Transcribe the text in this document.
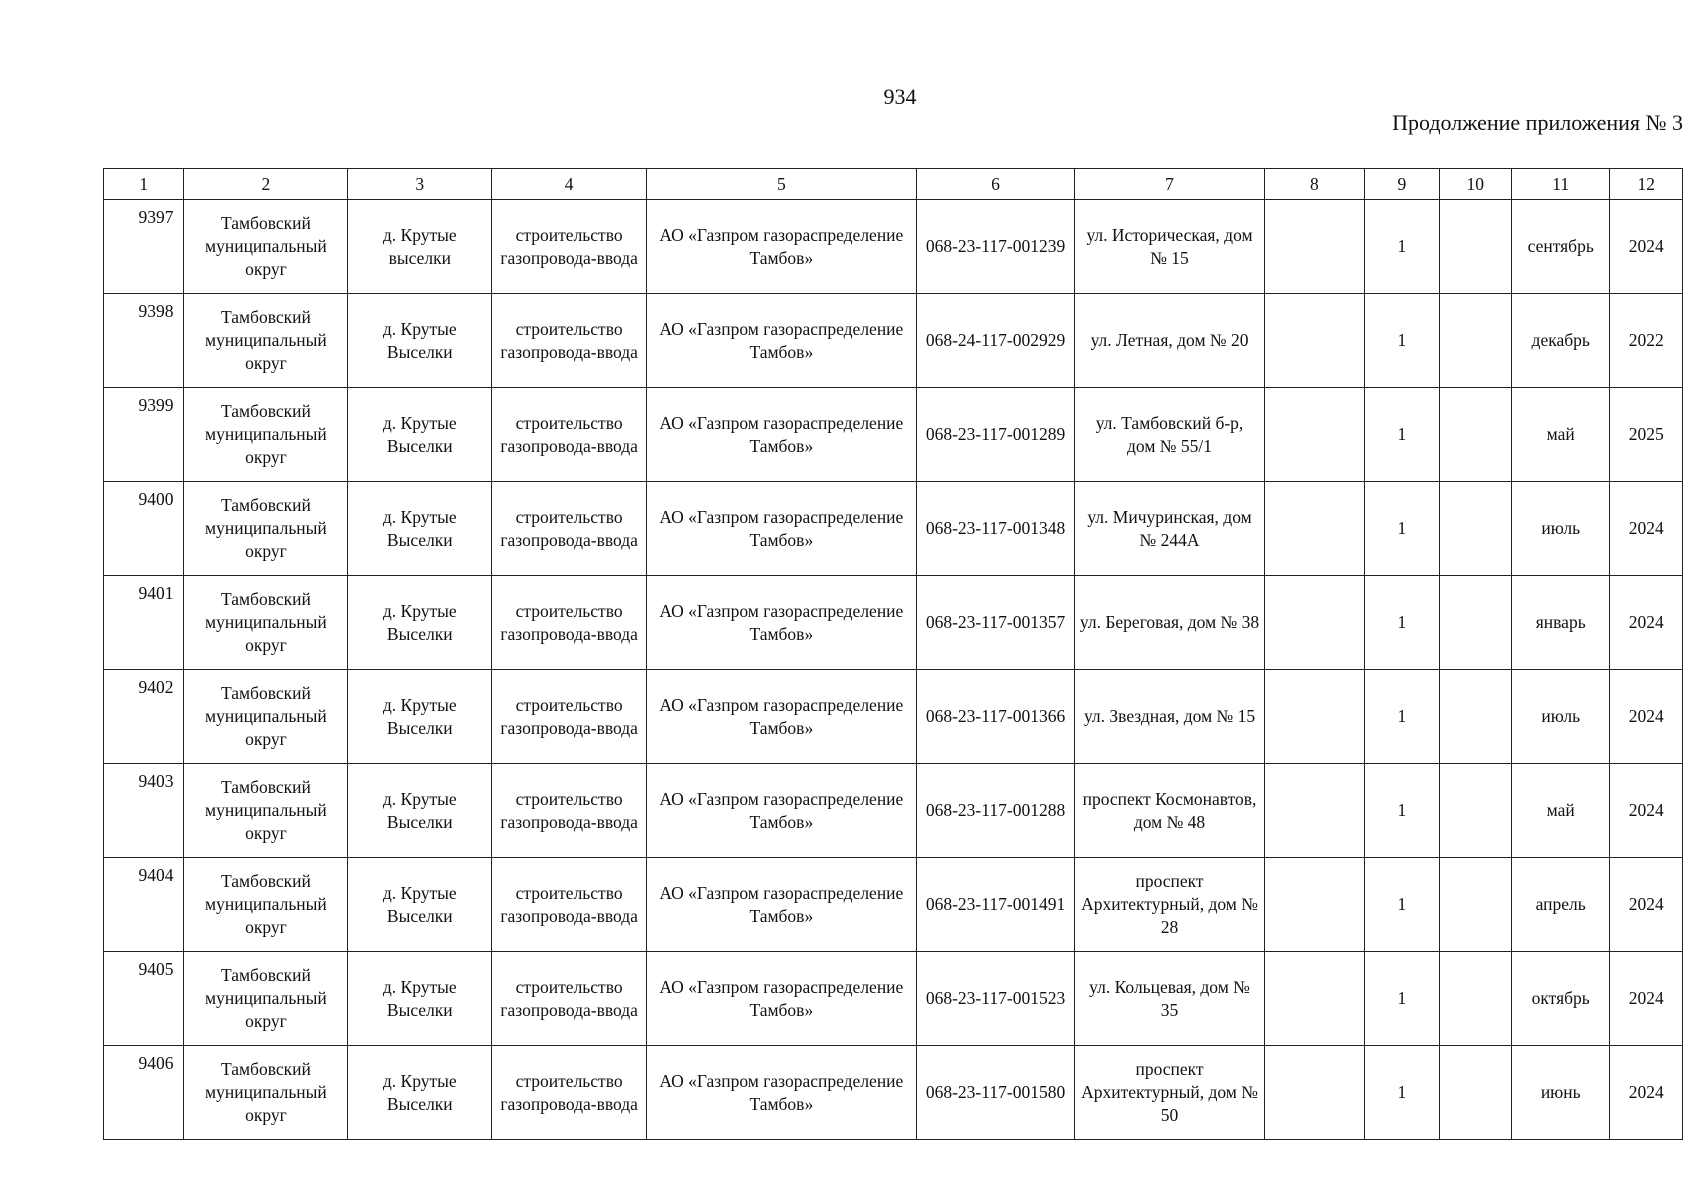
934
Продолжение приложения № 3
1	2	3	4	5	6	7	8	9	10	11	12
9397	Тамбовский муниципальный округ	д. Крутые выселки	строительство газопровода-ввода	АО «Газпром газораспределение Тамбов»	068-23-117-001239	ул. Историческая, дом № 15		1		сентябрь	2024
9398	Тамбовский муниципальный округ	д. Крутые Выселки	строительство газопровода-ввода	АО «Газпром газораспределение Тамбов»	068-24-117-002929	ул. Летная, дом № 20		1		декабрь	2022
9399	Тамбовский муниципальный округ	д. Крутые Выселки	строительство газопровода-ввода	АО «Газпром газораспределение Тамбов»	068-23-117-001289	ул. Тамбовский б-р, дом № 55/1		1		май	2025
9400	Тамбовский муниципальный округ	д. Крутые Выселки	строительство газопровода-ввода	АО «Газпром газораспределение Тамбов»	068-23-117-001348	ул. Мичуринская, дом № 244А		1		июль	2024
9401	Тамбовский муниципальный округ	д. Крутые Выселки	строительство газопровода-ввода	АО «Газпром газораспределение Тамбов»	068-23-117-001357	ул. Береговая, дом № 38		1		январь	2024
9402	Тамбовский муниципальный округ	д. Крутые Выселки	строительство газопровода-ввода	АО «Газпром газораспределение Тамбов»	068-23-117-001366	ул. Звездная, дом № 15		1		июль	2024
9403	Тамбовский муниципальный округ	д. Крутые Выселки	строительство газопровода-ввода	АО «Газпром газораспределение Тамбов»	068-23-117-001288	проспект Космонавтов, дом № 48		1		май	2024
9404	Тамбовский муниципальный округ	д. Крутые Выселки	строительство газопровода-ввода	АО «Газпром газораспределение Тамбов»	068-23-117-001491	проспект Архитектурный, дом № 28		1		апрель	2024
9405	Тамбовский муниципальный округ	д. Крутые Выселки	строительство газопровода-ввода	АО «Газпром газораспределение Тамбов»	068-23-117-001523	ул. Кольцевая, дом № 35		1		октябрь	2024
9406	Тамбовский муниципальный округ	д. Крутые Выселки	строительство газопровода-ввода	АО «Газпром газораспределение Тамбов»	068-23-117-001580	проспект Архитектурный, дом № 50		1		июнь	2024
